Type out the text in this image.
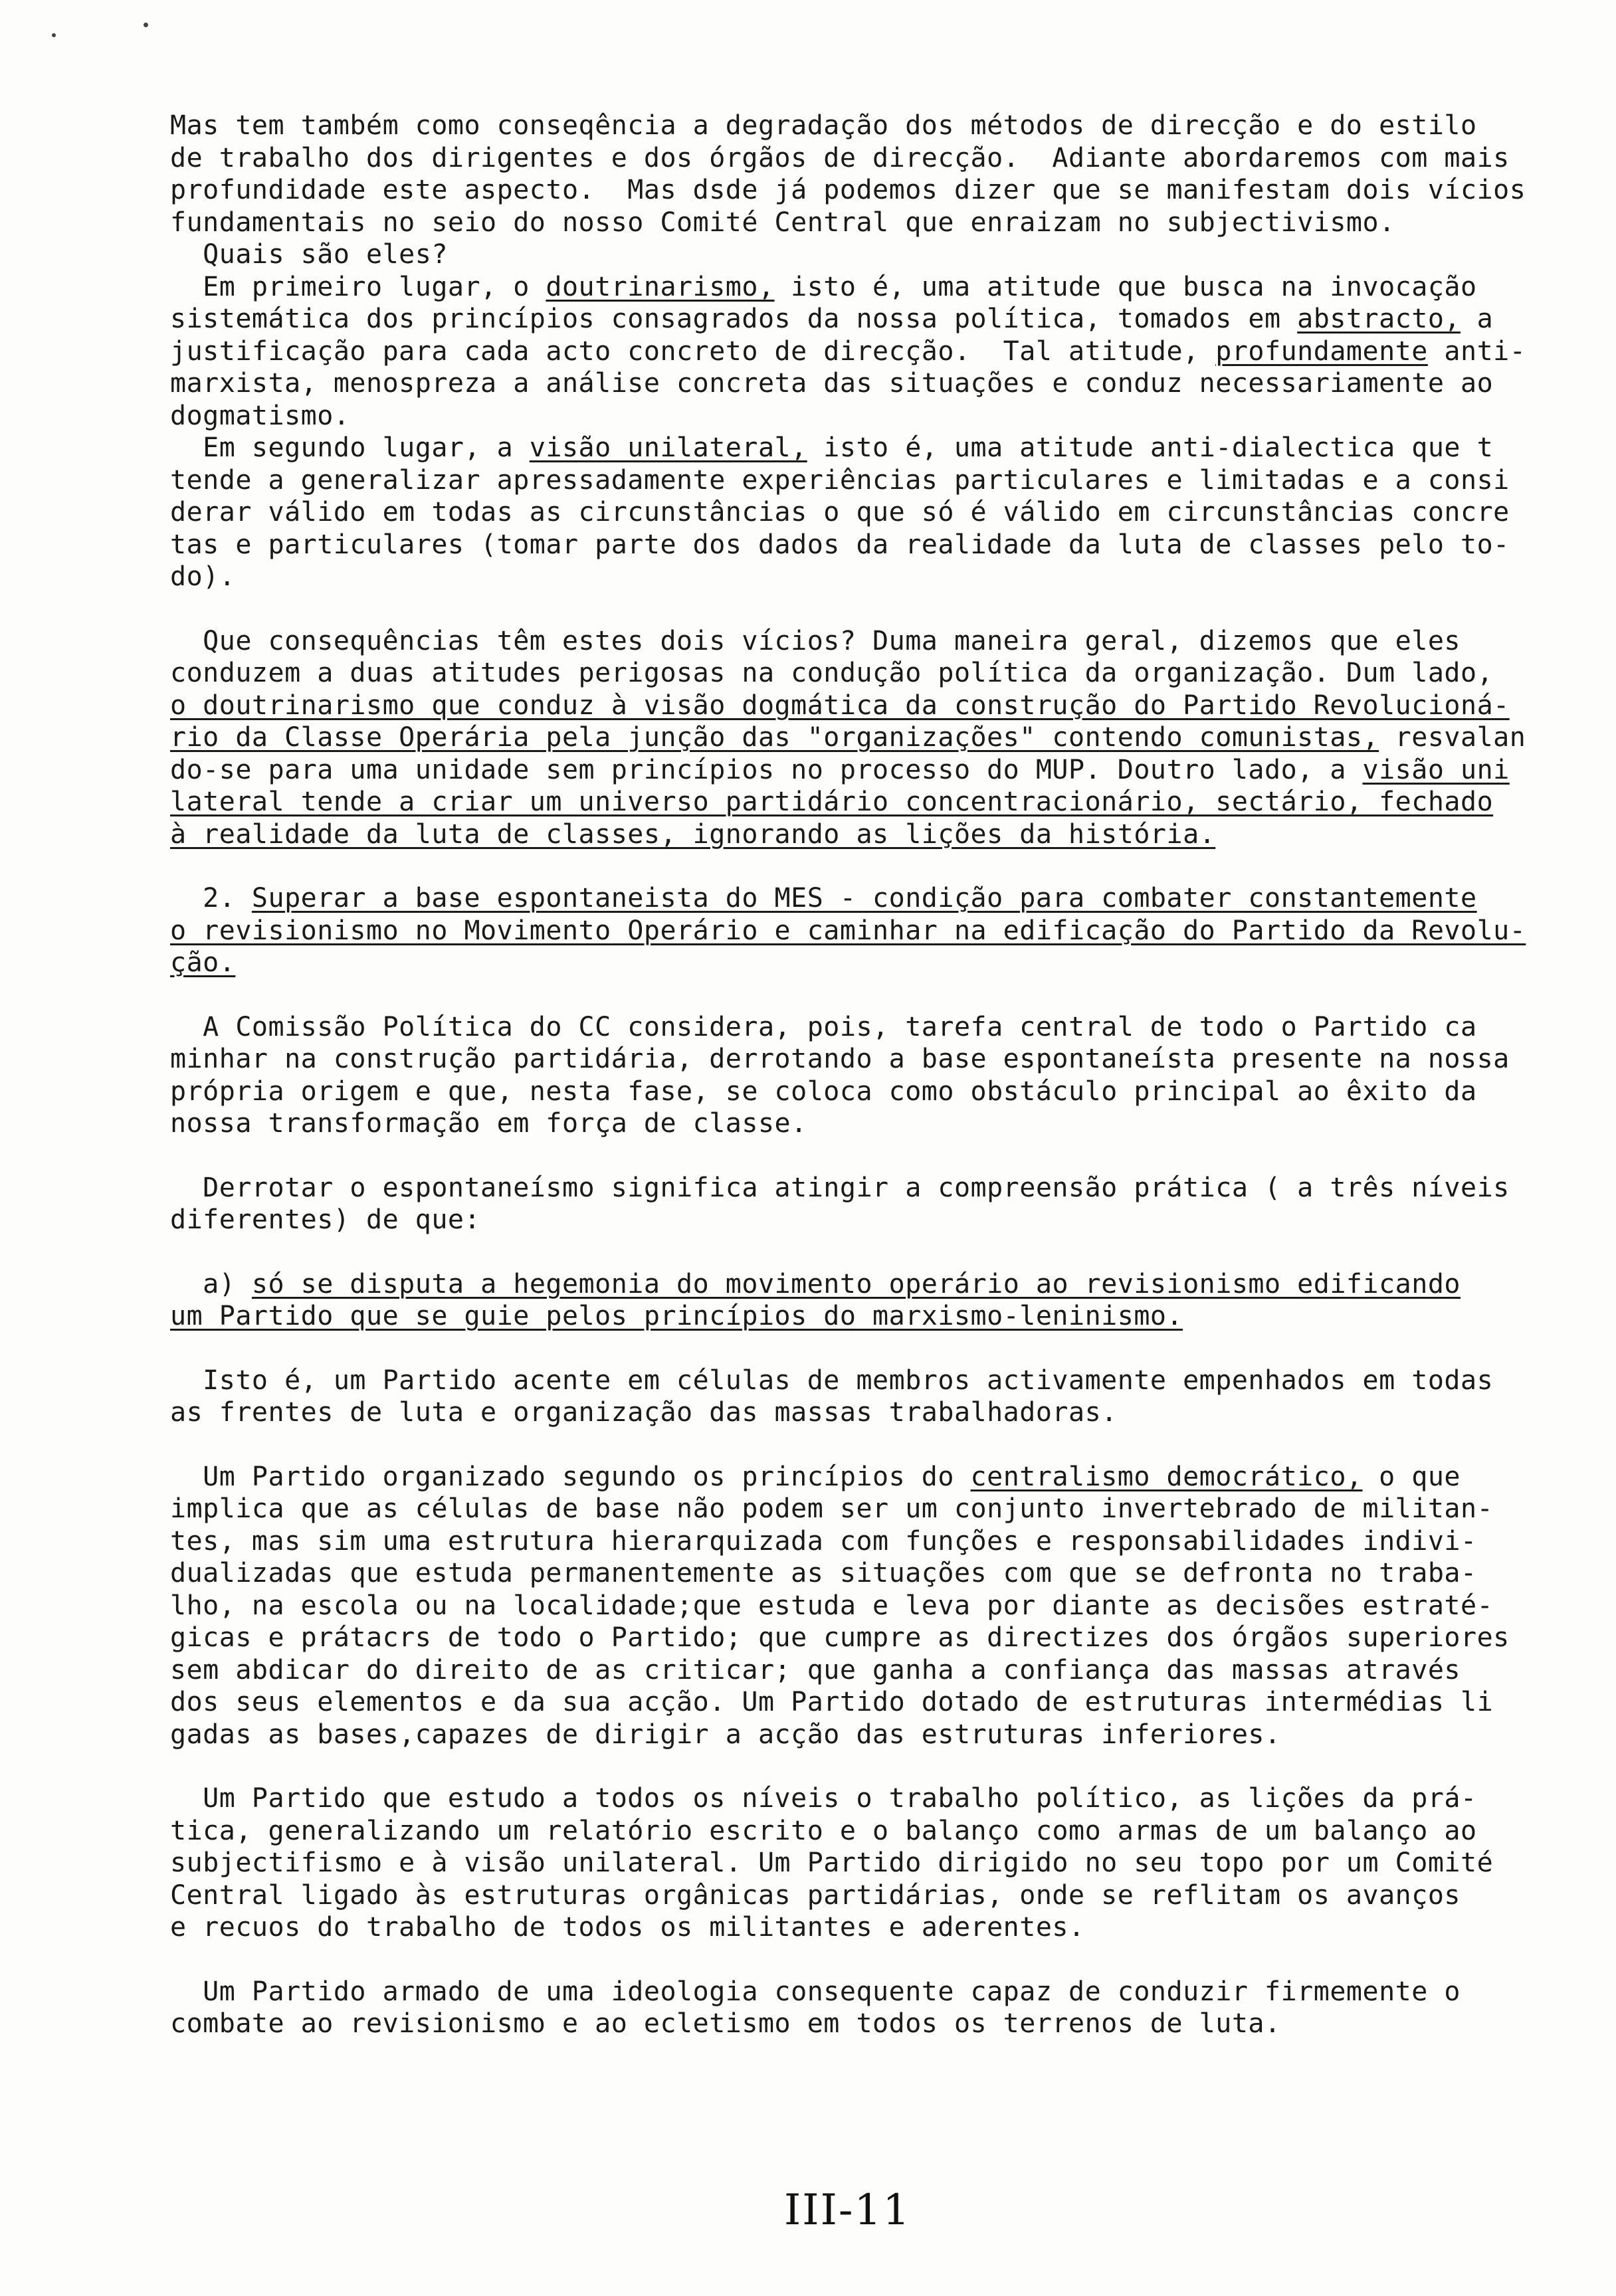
Mas tem também como conseqência a degradação dos métodos de direcção e do estilo
de trabalho dos dirigentes e dos órgãos de direcção.  Adiante abordaremos com mais
profundidade este aspecto.  Mas dsde já podemos dizer que se manifestam dois vícios
fundamentais no seio do nosso Comité Central que enraizam no subjectivismo.
Quais são eles?
Em primeiro lugar, o doutrinarismo, isto é, uma atitude que busca na invocação
sistemática dos princípios consagrados da nossa política, tomados em abstracto, a
justificação para cada acto concreto de direcção.  Tal atitude, profundamente anti-
marxista, menospreza a análise concreta das situações e conduz necessariamente ao
dogmatismo.
Em segundo lugar, a visão unilateral, isto é, uma atitude anti-dialectica que t
tende a generalizar apressadamente experiências particulares e limitadas e a consi
derar válido em todas as circunstâncias o que só é válido em circunstâncias concre
tas e particulares (tomar parte dos dados da realidade da luta de classes pelo to-
do).
Que consequências têm estes dois vícios? Duma maneira geral, dizemos que eles
conduzem a duas atitudes perigosas na condução política da organização. Dum lado,
o doutrinarismo que conduz à visão dogmática da construção do Partido Revolucioná-
rio da Classe Operária pela junção das "organizações" contendo comunistas, resvalan
do-se para uma unidade sem princípios no processo do MUP. Doutro lado, a visão uni
lateral tende a criar um universo partidário concentracionário, sectário, fechado
à realidade da luta de classes, ignorando as lições da história.
2. Superar a base espontaneista do MES - condição para combater constantemente
o revisionismo no Movimento Operário e caminhar na edificação do Partido da Revolu-
ção.
A Comissão Política do CC considera, pois, tarefa central de todo o Partido ca
minhar na construção partidária, derrotando a base espontaneísta presente na nossa
própria origem e que, nesta fase, se coloca como obstáculo principal ao êxito da
nossa transformação em força de classe.
Derrotar o espontaneísmo significa atingir a compreensão prática ( a três níveis
diferentes) de que:
a) só se disputa a hegemonia do movimento operário ao revisionismo edificando
um Partido que se guie pelos princípios do marxismo-leninismo.
Isto é, um Partido acente em células de membros activamente empenhados em todas
as frentes de luta e organização das massas trabalhadoras.
Um Partido organizado segundo os princípios do centralismo democrático, o que
implica que as células de base não podem ser um conjunto invertebrado de militan-
tes, mas sim uma estrutura hierarquizada com funções e responsabilidades indivi-
dualizadas que estuda permanentemente as situações com que se defronta no traba-
lho, na escola ou na localidade;que estuda e leva por diante as decisões estraté-
gicas e prátacrs de todo o Partido; que cumpre as directizes dos órgãos superiores
sem abdicar do direito de as criticar; que ganha a confiança das massas através
dos seus elementos e da sua acção. Um Partido dotado de estruturas intermédias li
gadas as bases,capazes de dirigir a acção das estruturas inferiores.
Um Partido que estudo a todos os níveis o trabalho político, as lições da prá-
tica, generalizando um relatório escrito e o balanço como armas de um balanço ao
subjectifismo e à visão unilateral. Um Partido dirigido no seu topo por um Comité
Central ligado às estruturas orgânicas partidárias, onde se reflitam os avanços
e recuos do trabalho de todos os militantes e aderentes.
Um Partido armado de uma ideologia consequente capaz de conduzir firmemente o
combate ao revisionismo e ao ecletismo em todos os terrenos de luta.
III-11
